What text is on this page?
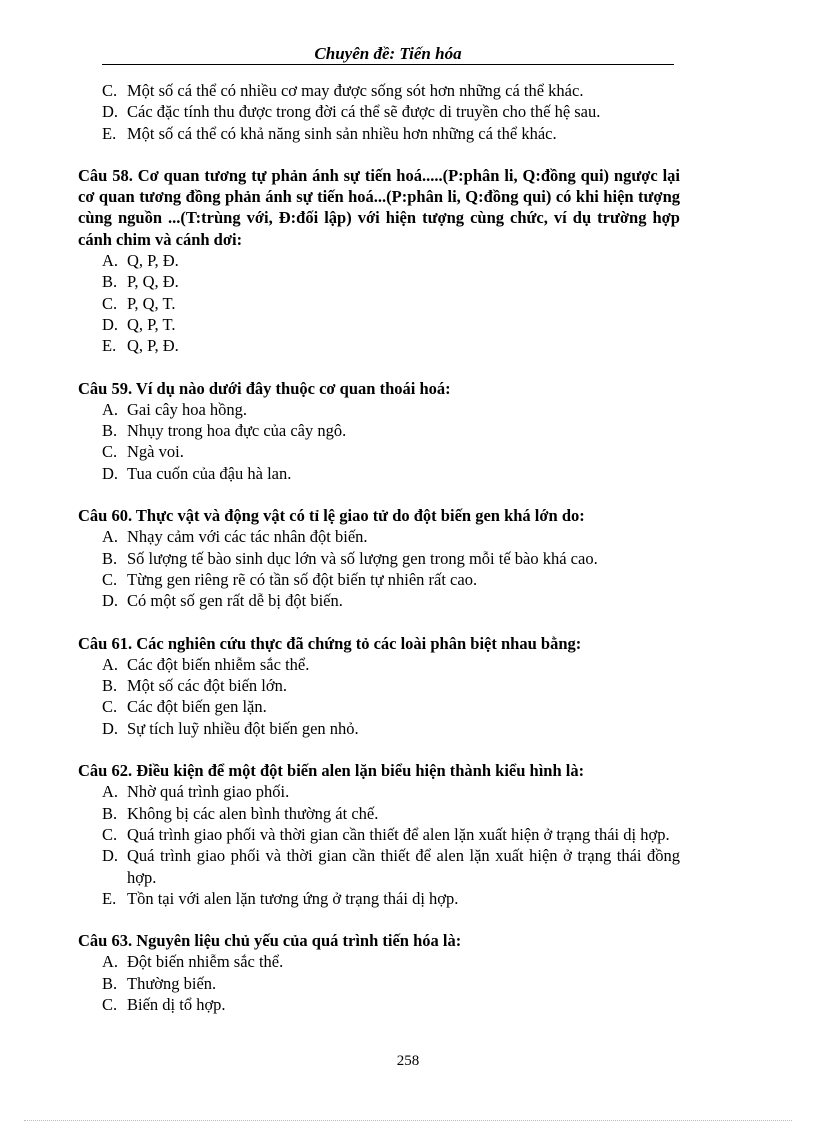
Chuyên đề: Tiến hóa
C. Một số cá thể có nhiều cơ may được sống sót hơn những cá thể khác.
D. Các đặc tính thu được trong đời cá thể sẽ được di truyền cho thế hệ sau.
E. Một số cá thể có khả năng sinh sản nhiều hơn những cá thể khác.
Câu 58. Cơ quan tương tự phản ánh sự tiến hoá.....(P:phân li, Q:đồng qui) ngược lại cơ quan tương đồng phản ánh sự tiến hoá...(P:phân li, Q:đồng qui) có khi hiện tượng cùng nguồn ...(T:trùng với, Đ:đối lập) với hiện tượng cùng chức, ví dụ trường hợp cánh chim và cánh dơi:
A. Q, P, Đ.
B. P, Q, Đ.
C. P, Q, T.
D. Q, P, T.
E. Q, P, Đ.
Câu 59. Ví dụ nào dưới đây thuộc cơ quan thoái hoá:
A. Gai cây hoa hồng.
B. Nhụy trong hoa đực của cây ngô.
C. Ngà voi.
D. Tua cuốn của đậu hà lan.
Câu 60. Thực vật và động vật có tỉ lệ giao tử do đột biến gen khá lớn do:
A. Nhạy cảm với các tác nhân đột biến.
B. Số lượng tế bào sinh dục lớn và số lượng gen trong mỗi tế bào khá cao.
C. Từng gen riêng rẽ có tần số đột biến tự nhiên rất cao.
D. Có một số gen rất dễ bị đột biến.
Câu 61. Các nghiên cứu thực đã chứng tỏ các loài phân biệt nhau bằng:
A. Các đột biến nhiễm sắc thể.
B. Một số các đột biến lớn.
C. Các đột biến gen lặn.
D. Sự tích luỹ nhiều đột biến gen nhỏ.
Câu 62. Điều kiện để một đột biến alen lặn biểu hiện thành kiểu hình là:
A. Nhờ quá trình giao phối.
B. Không bị các alen bình thường át chế.
C. Quá trình giao phối và thời gian cần thiết để alen lặn xuất hiện ở trạng thái dị hợp.
D. Quá trình giao phối và thời gian cần thiết để alen lặn xuất hiện ở trạng thái đồng hợp.
E. Tồn tại với alen lặn tương ứng ở trạng thái dị hợp.
Câu 63. Nguyên liệu chủ yếu của quá trình tiến hóa là:
A. Đột biến nhiễm sắc thể.
B. Thường biến.
C. Biến dị tổ hợp.
258
